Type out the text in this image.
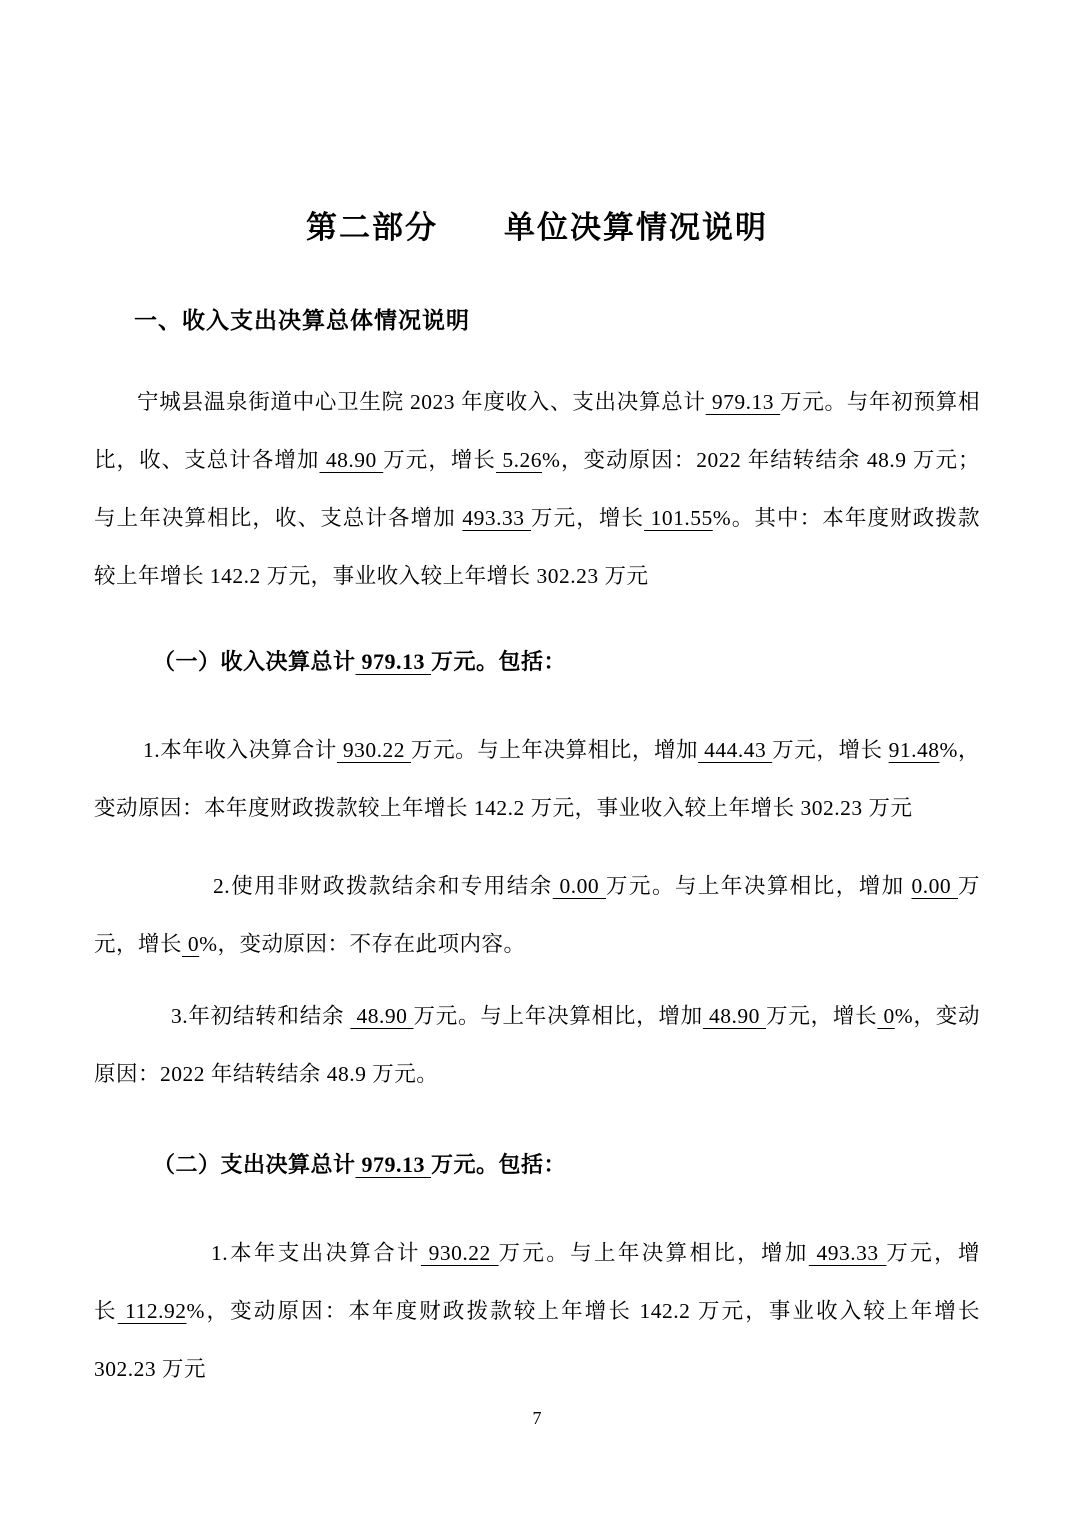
第二部分　　单位决算情况说明
一、收入支出决算总体情况说明

宁城县温泉街道中心卫生院 2023 年度收入、支出决算总计 979.13 万元。与年初预算相比，收、支总计各增加 48.90 万元，增长 5.26%，变动原因：2022 年结转结余 48.9 万元；与上年决算相比，收、支总计各增加 493.33 万元，增长 101.55%。其中：本年度财政拨款较上年增长 142.2 万元，事业收入较上年增长 302.23 万元

（一）收入决算总计 979.13 万元。包括：

1.本年收入决算合计 930.22 万元。与上年决算相比，增加 444.43 万元，增长 91.48%，变动原因：本年度财政拨款较上年增长 142.2 万元，事业收入较上年增长 302.23 万元

2.使用非财政拨款结余和专用结余 0.00 万元。与上年决算相比，增加 0.00 万元，增长 0%，变动原因：不存在此项内容。

3.年初结转和结余  48.90 万元。与上年决算相比，增加 48.90 万元，增长 0%，变动原因：2022 年结转结余 48.9 万元。

（二）支出决算总计 979.13 万元。包括：

1.本年支出决算合计 930.22 万元。与上年决算相比，增加 493.33 万元，增长 112.92%，变动原因：本年度财政拨款较上年增长 142.2 万元，事业收入较上年增长 302.23 万元

7
